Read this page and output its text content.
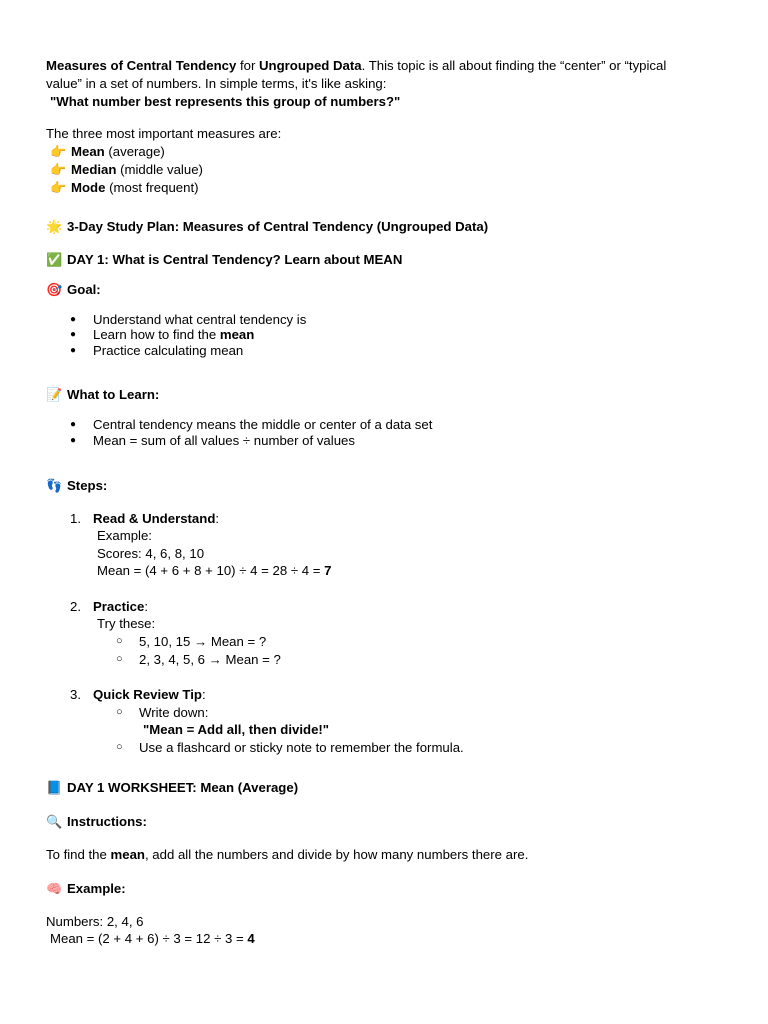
Measures of Central Tendency for Ungrouped Data. This topic is all about finding the “center” or “typical
value” in a set of numbers. In simple terms, it's like asking:
"What number best represents this group of numbers?"
The three most important measures are:
👉 Mean (average)
👉 Median (middle value)
👉 Mode (most frequent)
🌟 3-Day Study Plan: Measures of Central Tendency (Ungrouped Data)
✅ DAY 1: What is Central Tendency? Learn about MEAN
🎯 Goal:
● Understand what central tendency is
● Learn how to find the mean
● Practice calculating mean
📝 What to Learn:
● Central tendency means the middle or center of a data set
● Mean = sum of all values ÷ number of values
👣 Steps:
1. Read & Understand:
Example:
Scores: 4, 6, 8, 10
Mean = (4 + 6 + 8 + 10) ÷ 4 = 28 ÷ 4 = 7
2. Practice:
Try these:
○ 5, 10, 15 → Mean = ?
○ 2, 3, 4, 5, 6 → Mean = ?
3. Quick Review Tip:
○ Write down:
"Mean = Add all, then divide!"
○ Use a flashcard or sticky note to remember the formula.
📘 DAY 1 WORKSHEET: Mean (Average)
🔍 Instructions:
To find the mean, add all the numbers and divide by how many numbers there are.
🧠 Example:
Numbers: 2, 4, 6
Mean = (2 + 4 + 6) ÷ 3 = 12 ÷ 3 = 4
